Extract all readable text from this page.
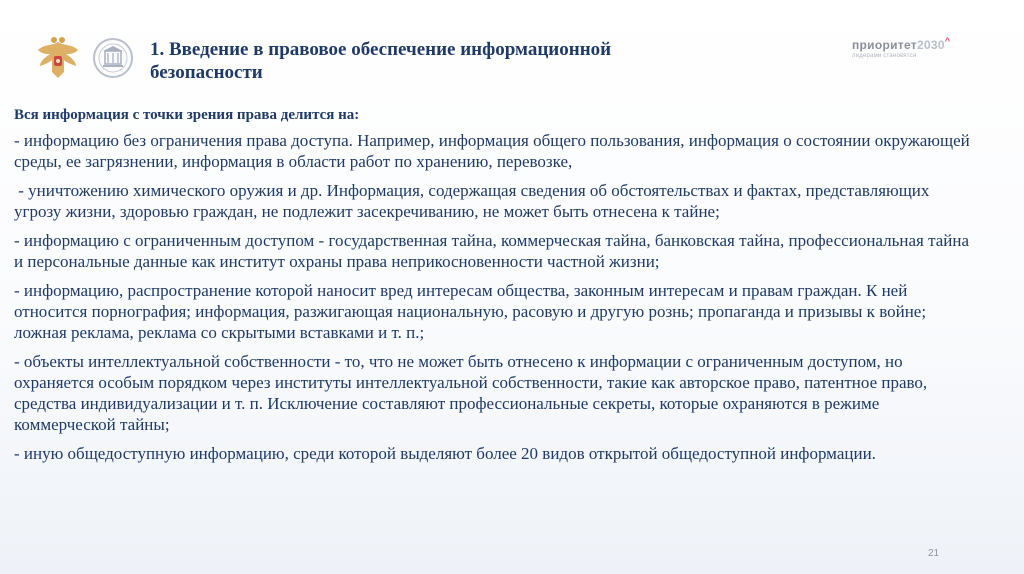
1. Введение в правовое обеспечение информационной безопасности
приоритет2030^
лидерами становятся

Вся информация с точки зрения права делится на:

- информацию без ограничения права доступа. Например, информация общего пользования, информация о состоянии окружающей среды, ее загрязнении, информация в области работ по хранению, перевозке,

- уничтожению химического оружия и др. Информация, содержащая сведения об обстоятельствах и фактах, представляющих угрозу жизни, здоровью граждан, не подлежит засекречиванию, не может быть отнесена к тайне;

- информацию с ограниченным доступом - государственная тайна, коммерческая тайна, банковская тайна, профессиональная тайна и персональные данные как институт охраны права неприкосновенности частной жизни;

- информацию, распространение которой наносит вред интересам общества, законным интересам и правам граждан. К ней относится порнография; информация, разжигающая национальную, расовую и другую рознь; пропаганда и призывы к войне; ложная реклама, реклама со скрытыми вставками и т. п.;

- объекты интеллектуальной собственности - то, что не может быть отнесено к информации с ограниченным доступом, но охраняется особым порядком через институты интеллектуальной собственности, такие как авторское право, патентное право, средства индивидуализации и т. п. Исключение составляют профессиональные секреты, которые охраняются в режиме коммерческой тайны;

- иную общедоступную информацию, среди которой выделяют более 20 видов открытой общедоступной информации.

21
